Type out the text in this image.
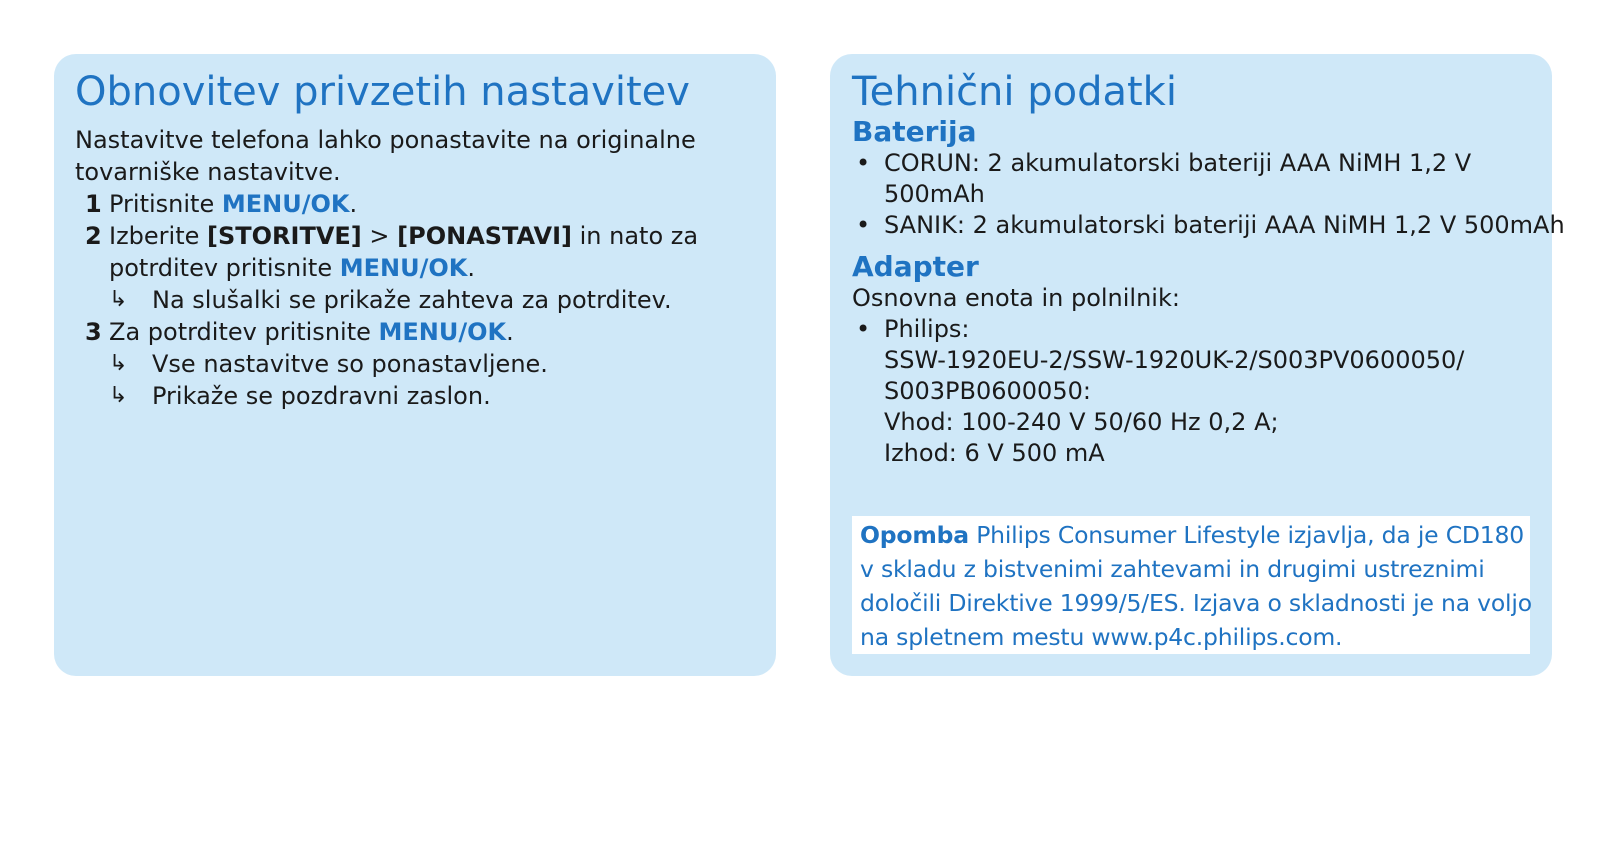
Obnovitev privzetih nastavitev
Nastavitve telefona lahko ponastavite na originalne
tovarniške nastavitve.
1 Pritisnite MENU/OK.
2 Izberite [STORITVE] > [PONASTAVI] in nato za
potrditev pritisnite MENU/OK.
↳ Na slušalki se prikaže zahteva za potrditev.
3 Za potrditev pritisnite MENU/OK.
↳ Vse nastavitve so ponastavljene.
↳ Prikaže se pozdravni zaslon.
Tehnični podatki
Baterija
• CORUN: 2 akumulatorski bateriji AAA NiMH 1,2 V
500mAh
• SANIK: 2 akumulatorski bateriji AAA NiMH 1,2 V 500mAh
Adapter
Osnovna enota in polnilnik:
• Philips:
SSW-1920EU-2/SSW-1920UK-2/S003PV0600050/
S003PB0600050:
Vhod: 100-240 V 50/60 Hz 0,2 A;
Izhod: 6 V 500 mA
Opomba Philips Consumer Lifestyle izjavlja, da je CD180
v skladu z bistvenimi zahtevami in drugimi ustreznimi
določili Direktive 1999/5/ES. Izjava o skladnosti je na voljo
na spletnem mestu www.p4c.philips.com.
